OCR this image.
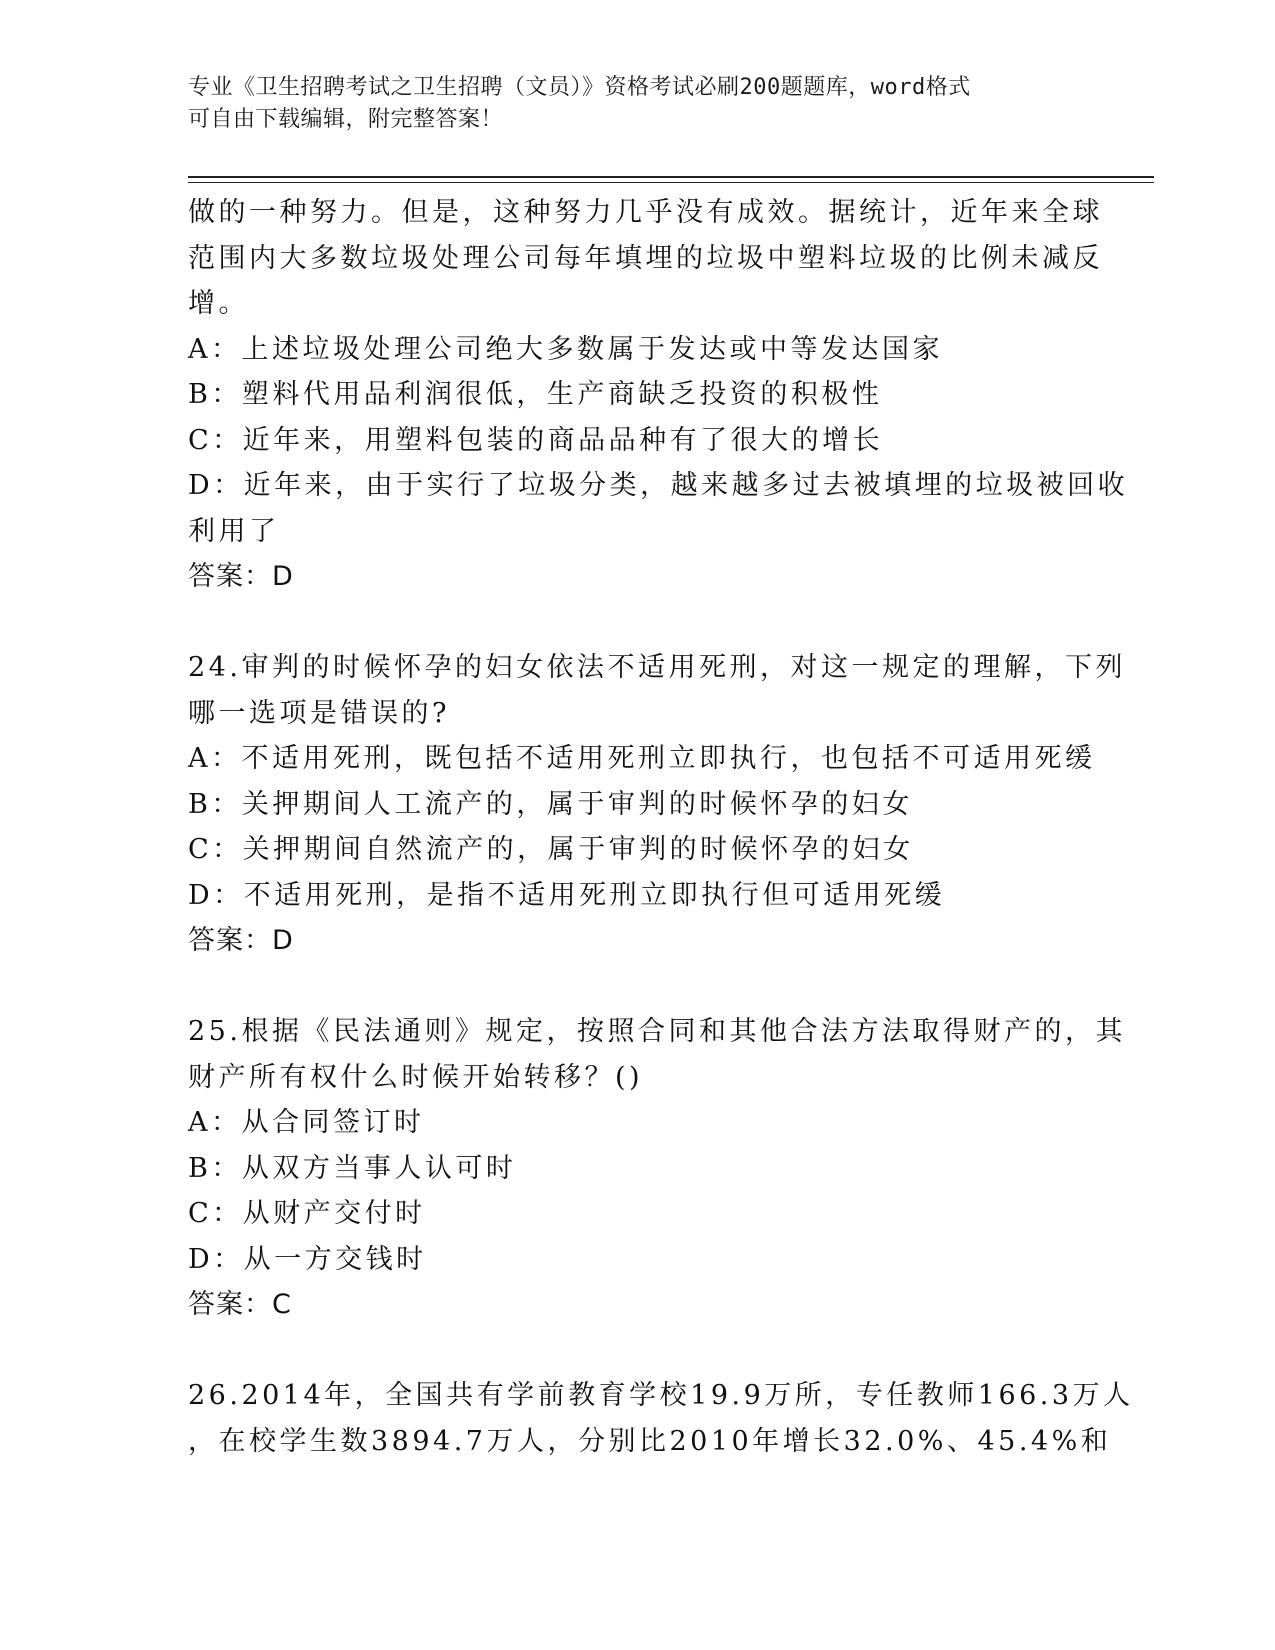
专业《卫生招聘考试之卫生招聘（文员）》资格考试必刷200题题库，word格式
可自由下载编辑，附完整答案！
做的一种努力。但是，这种努力几乎没有成效。据统计，近年来全球
范围内大多数垃圾处理公司每年填埋的垃圾中塑料垃圾的比例未减反
增。
A：上述垃圾处理公司绝大多数属于发达或中等发达国家
B：塑料代用品利润很低，生产商缺乏投资的积极性
C：近年来，用塑料包装的商品品种有了很大的增长
D：近年来，由于实行了垃圾分类，越来越多过去被填埋的垃圾被回收
利用了
答案：D
24.审判的时候怀孕的妇女依法不适用死刑，对这一规定的理解，下列
哪一选项是错误的?
A：不适用死刑，既包括不适用死刑立即执行，也包括不可适用死缓
B：关押期间人工流产的，属于审判的时候怀孕的妇女
C：关押期间自然流产的，属于审判的时候怀孕的妇女
D：不适用死刑，是指不适用死刑立即执行但可适用死缓
答案：D
25.根据《民法通则》规定，按照合同和其他合法方法取得财产的，其
财产所有权什么时候开始转移？()
A：从合同签订时
B：从双方当事人认可时
C：从财产交付时
D：从一方交钱时
答案：C
26.2014年，全国共有学前教育学校19.9万所，专任教师166.3万人
，在校学生数3894.7万人，分别比2010年增长32.0%、45.4%和
